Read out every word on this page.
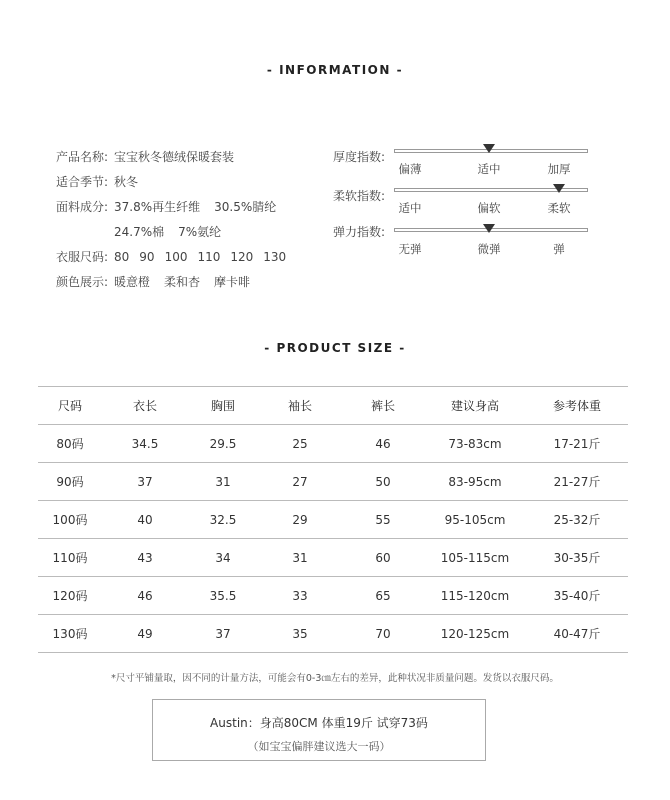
- INFORMATION -
产品名称: 宝宝秋冬德绒保暖套装
适合季节: 秋冬
面料成分: 37.8%再生纤维 30.5%腈纶
24.7%棉 7%氨纶
衣服尺码: 80 90 100 110 120 130
颜色展示: 暖意橙 柔和杏 摩卡啡
厚度指数:
偏薄	适中	加厚
柔软指数:
适中	偏软	柔软
弹力指数:
无弹	微弹	弹
- PRODUCT SIZE -
尺码	衣长	胸围	袖长	裤长	建议身高	参考体重
80码	34.5	29.5	25	46	73-83cm	17-21斤
90码	37	31	27	50	83-95cm	21-27斤
100码	40	32.5	29	55	95-105cm	25-32斤
110码	43	34	31	60	105-115cm	30-35斤
120码	46	35.5	33	65	115-120cm	35-40斤
130码	49	37	35	70	120-125cm	40-47斤
*尺寸平铺量取，因不同的计量方法，可能会有0-3㎝左右的差异，此种状况非质量问题。发货以衣服尺码。
Austin：身高80CM 体重19斤 试穿73码
（如宝宝偏胖建议选大一码）
